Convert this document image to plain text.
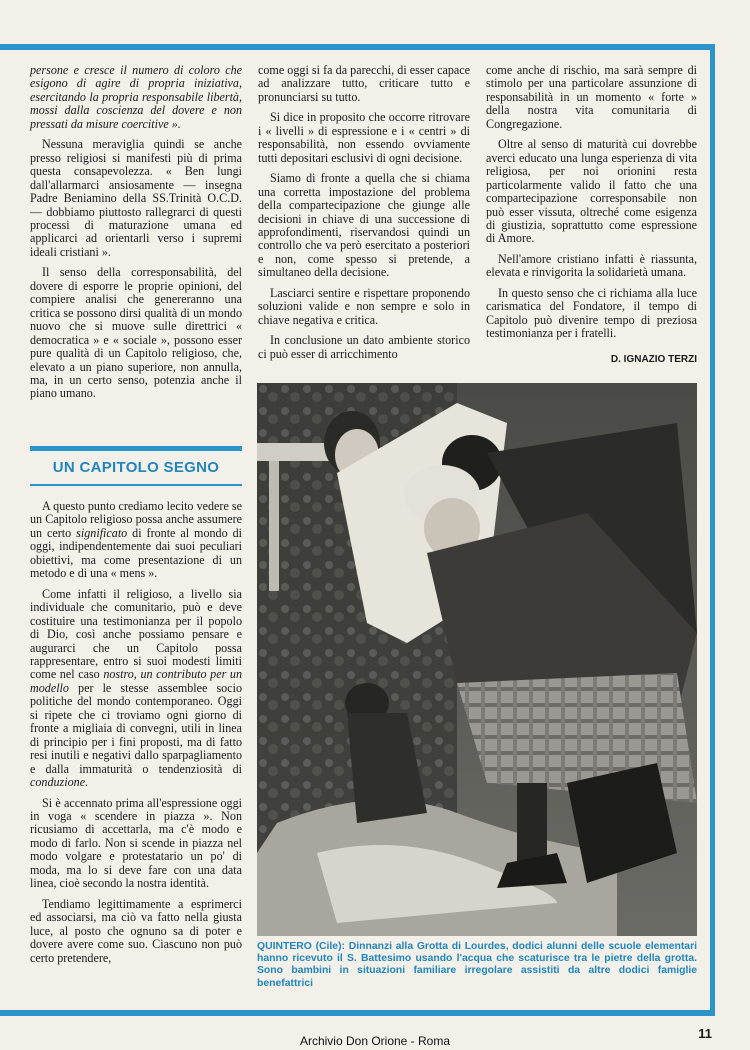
persone e cresce il numero di coloro che esigono di agire di propria iniziativa, esercitando la propria responsabile libertà, mossi dalla coscienza del dovere e non pressati da misure coercitive ».

Nessuna meraviglia quindi se anche presso religiosi si manifesti più di prima questa consapevolezza. « Ben lungi dall'allarmarci ansiosamente — insegna Padre Beniamino della SS.Trinità O.C.D. — dobbiamo piuttosto rallegrarci di questi processi di maturazione umana ed applicarci ad orientarli verso i supremi ideali cristiani ».

Il senso della corresponsabilità, del dovere di esporre le proprie opinioni, del compiere analisi che genereranno una critica se possono dirsi qualità di un mondo nuovo che si muove sulle direttrici « democratica » e « sociale », possono esser pure qualità di un Capitolo religioso, che, elevato a un piano superiore, non annulla, ma, in un certo senso, potenzia anche il piano umano.

UN CAPITOLO SEGNO

A questo punto crediamo lecito vedere se un Capitolo religioso possa anche assumere un certo significato di fronte al mondo di oggi, indipendentemente dai suoi peculiari obiettivi, ma come presentazione di un metodo e di una « mens ».

Come infatti il religioso, a livello sia individuale che comunitario, può e deve costituire una testimonianza per il popolo di Dio, così anche possiamo pensare e augurarci che un Capitolo possa rappresentare, entro si suoi modesti limiti come nel caso nostro, un contributo per un modello per le stesse assemblee socio politiche del mondo contemporaneo. Oggi si ripete che ci troviamo ogni giorno di fronte a migliaia di convegni, utili in linea di principio per i fini proposti, ma di fatto resi inutili e negativi dallo sparpagliamento e dalla immaturità o tendenziosità di conduzione.

Si è accennato prima all'espressione oggi in voga « scendere in piazza ». Non ricusiamo di accettarla, ma c'è modo e modo di farlo. Non si scende in piazza nel modo volgare e protestatario un po' di moda, ma lo si deve fare con una data linea, cioè secondo la nostra identità.

Tendiamo legittimamente a esprimerci ed associarsi, ma ciò va fatto nella giusta luce, al posto che ognuno sa di poter e dovere avere come suo. Ciascuno non può certo pretendere,

come oggi si fa da parecchi, di esser capace ad analizzare tutto, criticare tutto e pronunciarsi su tutto.

Si dice in proposito che occorre ritrovare i « livelli » di espressione e i « centri » di responsabilità, non essendo ovviamente tutti depositari esclusivi di ogni decisione.

Siamo di fronte a quella che si chiama una corretta impostazione del problema della compartecipazione che giunge alle decisioni in chiave di una successione di approfondimenti, riservandosi quindi un controllo che va però esercitato a posteriori e non, come spesso si pretende, a simultaneo della decisione.

Lasciarci sentire e rispettare proponendo soluzioni valide e non sempre e solo in chiave negativa e critica.

In conclusione un dato ambiente storico ci può esser di arricchimento

come anche di rischio, ma sarà sempre di stimolo per una particolare assunzione di responsabilità in un momento « forte » della nostra vita comunitaria di Congregazione.

Oltre al senso di maturità cui dovrebbe averci educato una lunga esperienza di vita religiosa, per noi orionini resta particolarmente valido il fatto che una compartecipazione corresponsabile non può esser vissuta, oltreché come esigenza di giustizia, soprattutto come espressione di Amore.

Nell'amore cristiano infatti è riassunta, elevata e rinvigorita la solidarietà umana.

In questo senso che ci richiama alla luce carismatica del Fondatore, il tempo di Capitolo può divenire tempo di preziosa testimonianza per i fratelli.

D. IGNAZIO TERZI
QUINTERO (Cile): Dinnanzi alla Grotta di Lourdes, dodici alunni delle scuole elementari hanno ricevuto il S. Battesimo usando l'acqua che scaturisce tra le pietre della grotta. Sono bambini in situazioni familiare irregolare assistiti da altre dodici famiglie benefattrici
Archivio Don Orione - Roma	11
